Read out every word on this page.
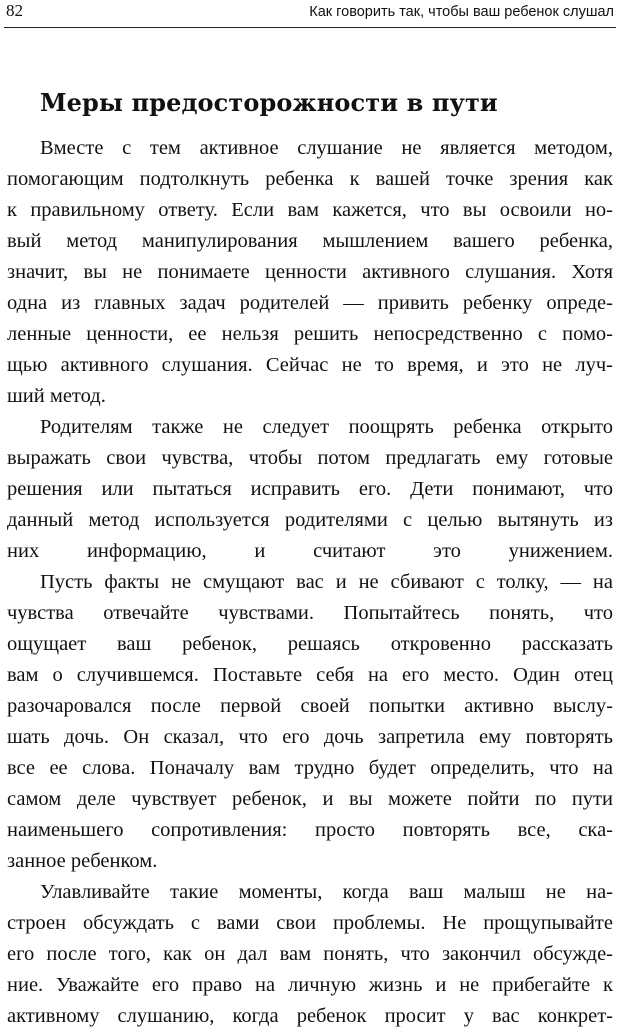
82	Как говорить так, чтобы ваш ребенок слушал
Меры предосторожности в пути
Вместе с тем активное слушание не является методом,
помогающим подтолкнуть ребенка к вашей точке зрения как
к правильному ответу. Если вам кажется, что вы освоили но-
вый метод манипулирования мышлением вашего ребенка,
значит, вы не понимаете ценности активного слушания. Хотя
одна из главных задач родителей — привить ребенку опреде-
ленные ценности, ее нельзя решить непосредственно с помо-
щью активного слушания. Сейчас не то время, и это не луч-
ший метод.
Родителям также не следует поощрять ребенка открыто
выражать свои чувства, чтобы потом предлагать ему готовые
решения или пытаться исправить его. Дети понимают, что
данный метод используется родителями с целью вытянуть из
них информацию, и считают это унижением.
Пусть факты не смущают вас и не сбивают с толку, — на
чувства отвечайте чувствами. Попытайтесь понять, что
ощущает ваш ребенок, решаясь откровенно рассказать
вам о случившемся. Поставьте себя на его место. Один отец
разочаровался после первой своей попытки активно выслу-
шать дочь. Он сказал, что его дочь запретила ему повторять
все ее слова. Поначалу вам трудно будет определить, что на
самом деле чувствует ребенок, и вы можете пойти по пути
наименьшего сопротивления: просто повторять все, ска-
занное ребенком.
Улавливайте такие моменты, когда ваш малыш не на-
строен обсуждать с вами свои проблемы. Не прощупывайте
его после того, как он дал вам понять, что закончил обсужде-
ние. Уважайте его право на личную жизнь и не прибегайте к
активному слушанию, когда ребенок просит у вас конкрет-
